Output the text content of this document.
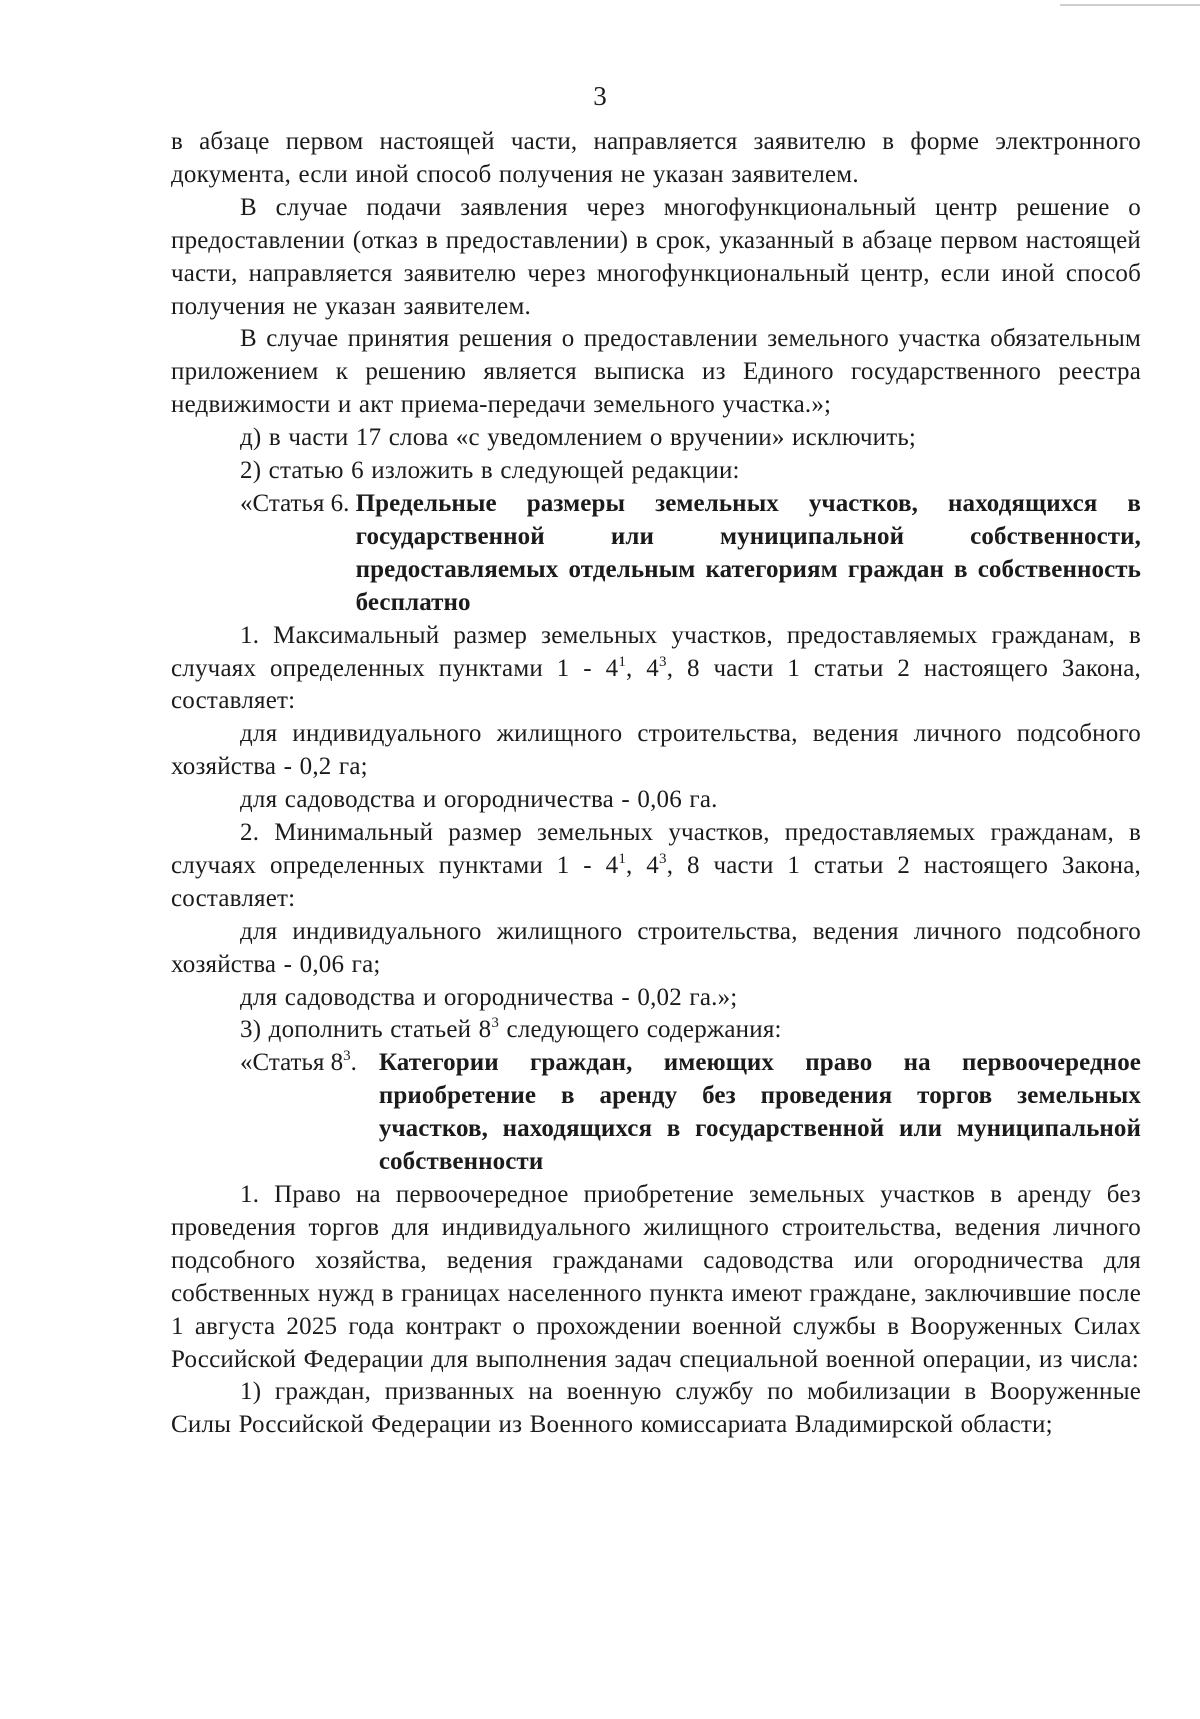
3

в абзаце первом настоящей части, направляется заявителю в форме электронного документа, если иной способ получения не указан заявителем.

В случае подачи заявления через многофункциональный центр решение о предоставлении (отказ в предоставлении) в срок, указанный в абзаце первом настоящей части, направляется заявителю через многофункциональный центр, если иной способ получения не указан заявителем.

В случае принятия решения о предоставлении земельного участка обязательным приложением к решению является выписка из Единого государственного реестра недвижимости и акт приема-передачи земельного участка.»;

д) в части 17 слова «с уведомлением о вручении» исключить;

2) статью 6 изложить в следующей редакции:

«Статья 6. Предельные размеры земельных участков, находящихся в государственной или муниципальной собственности, предоставляемых отдельным категориям граждан в собственность бесплатно

1. Максимальный размер земельных участков, предоставляемых гражданам, в случаях определенных пунктами $1 - 4^1$, $4^3$, 8 части 1 статьи 2 настоящего Закона, составляет:

для индивидуального жилищного строительства, ведения личного подсобного хозяйства - 0,2 га;

для садоводства и огородничества - 0,06 га.

2. Минимальный размер земельных участков, предоставляемых гражданам, в случаях определенных пунктами $1 - 4^1$, $4^3$, 8 части 1 статьи 2 настоящего Закона, составляет:

для индивидуального жилищного строительства, ведения личного подсобного хозяйства - 0,06 га;

для садоводства и огородничества - 0,02 га.»;

3) дополнить статьей $8^3$ следующего содержания:

«Статья $8^3$. Категории граждан, имеющих право на первоочередное приобретение в аренду без проведения торгов земельных участков, находящихся в государственной или муниципальной собственности

1. Право на первоочередное приобретение земельных участков в аренду без проведения торгов для индивидуального жилищного строительства, ведения личного подсобного хозяйства, ведения гражданами садоводства или огородничества для собственных нужд в границах населенного пункта имеют граждане, заключившие после 1 августа 2025 года контракт о прохождении военной службы в Вооруженных Силах Российской Федерации для выполнения задач специальной военной операции, из числа:

1) граждан, призванных на военную службу по мобилизации в Вооруженные Силы Российской Федерации из Военного комиссариата Владимирской области;
